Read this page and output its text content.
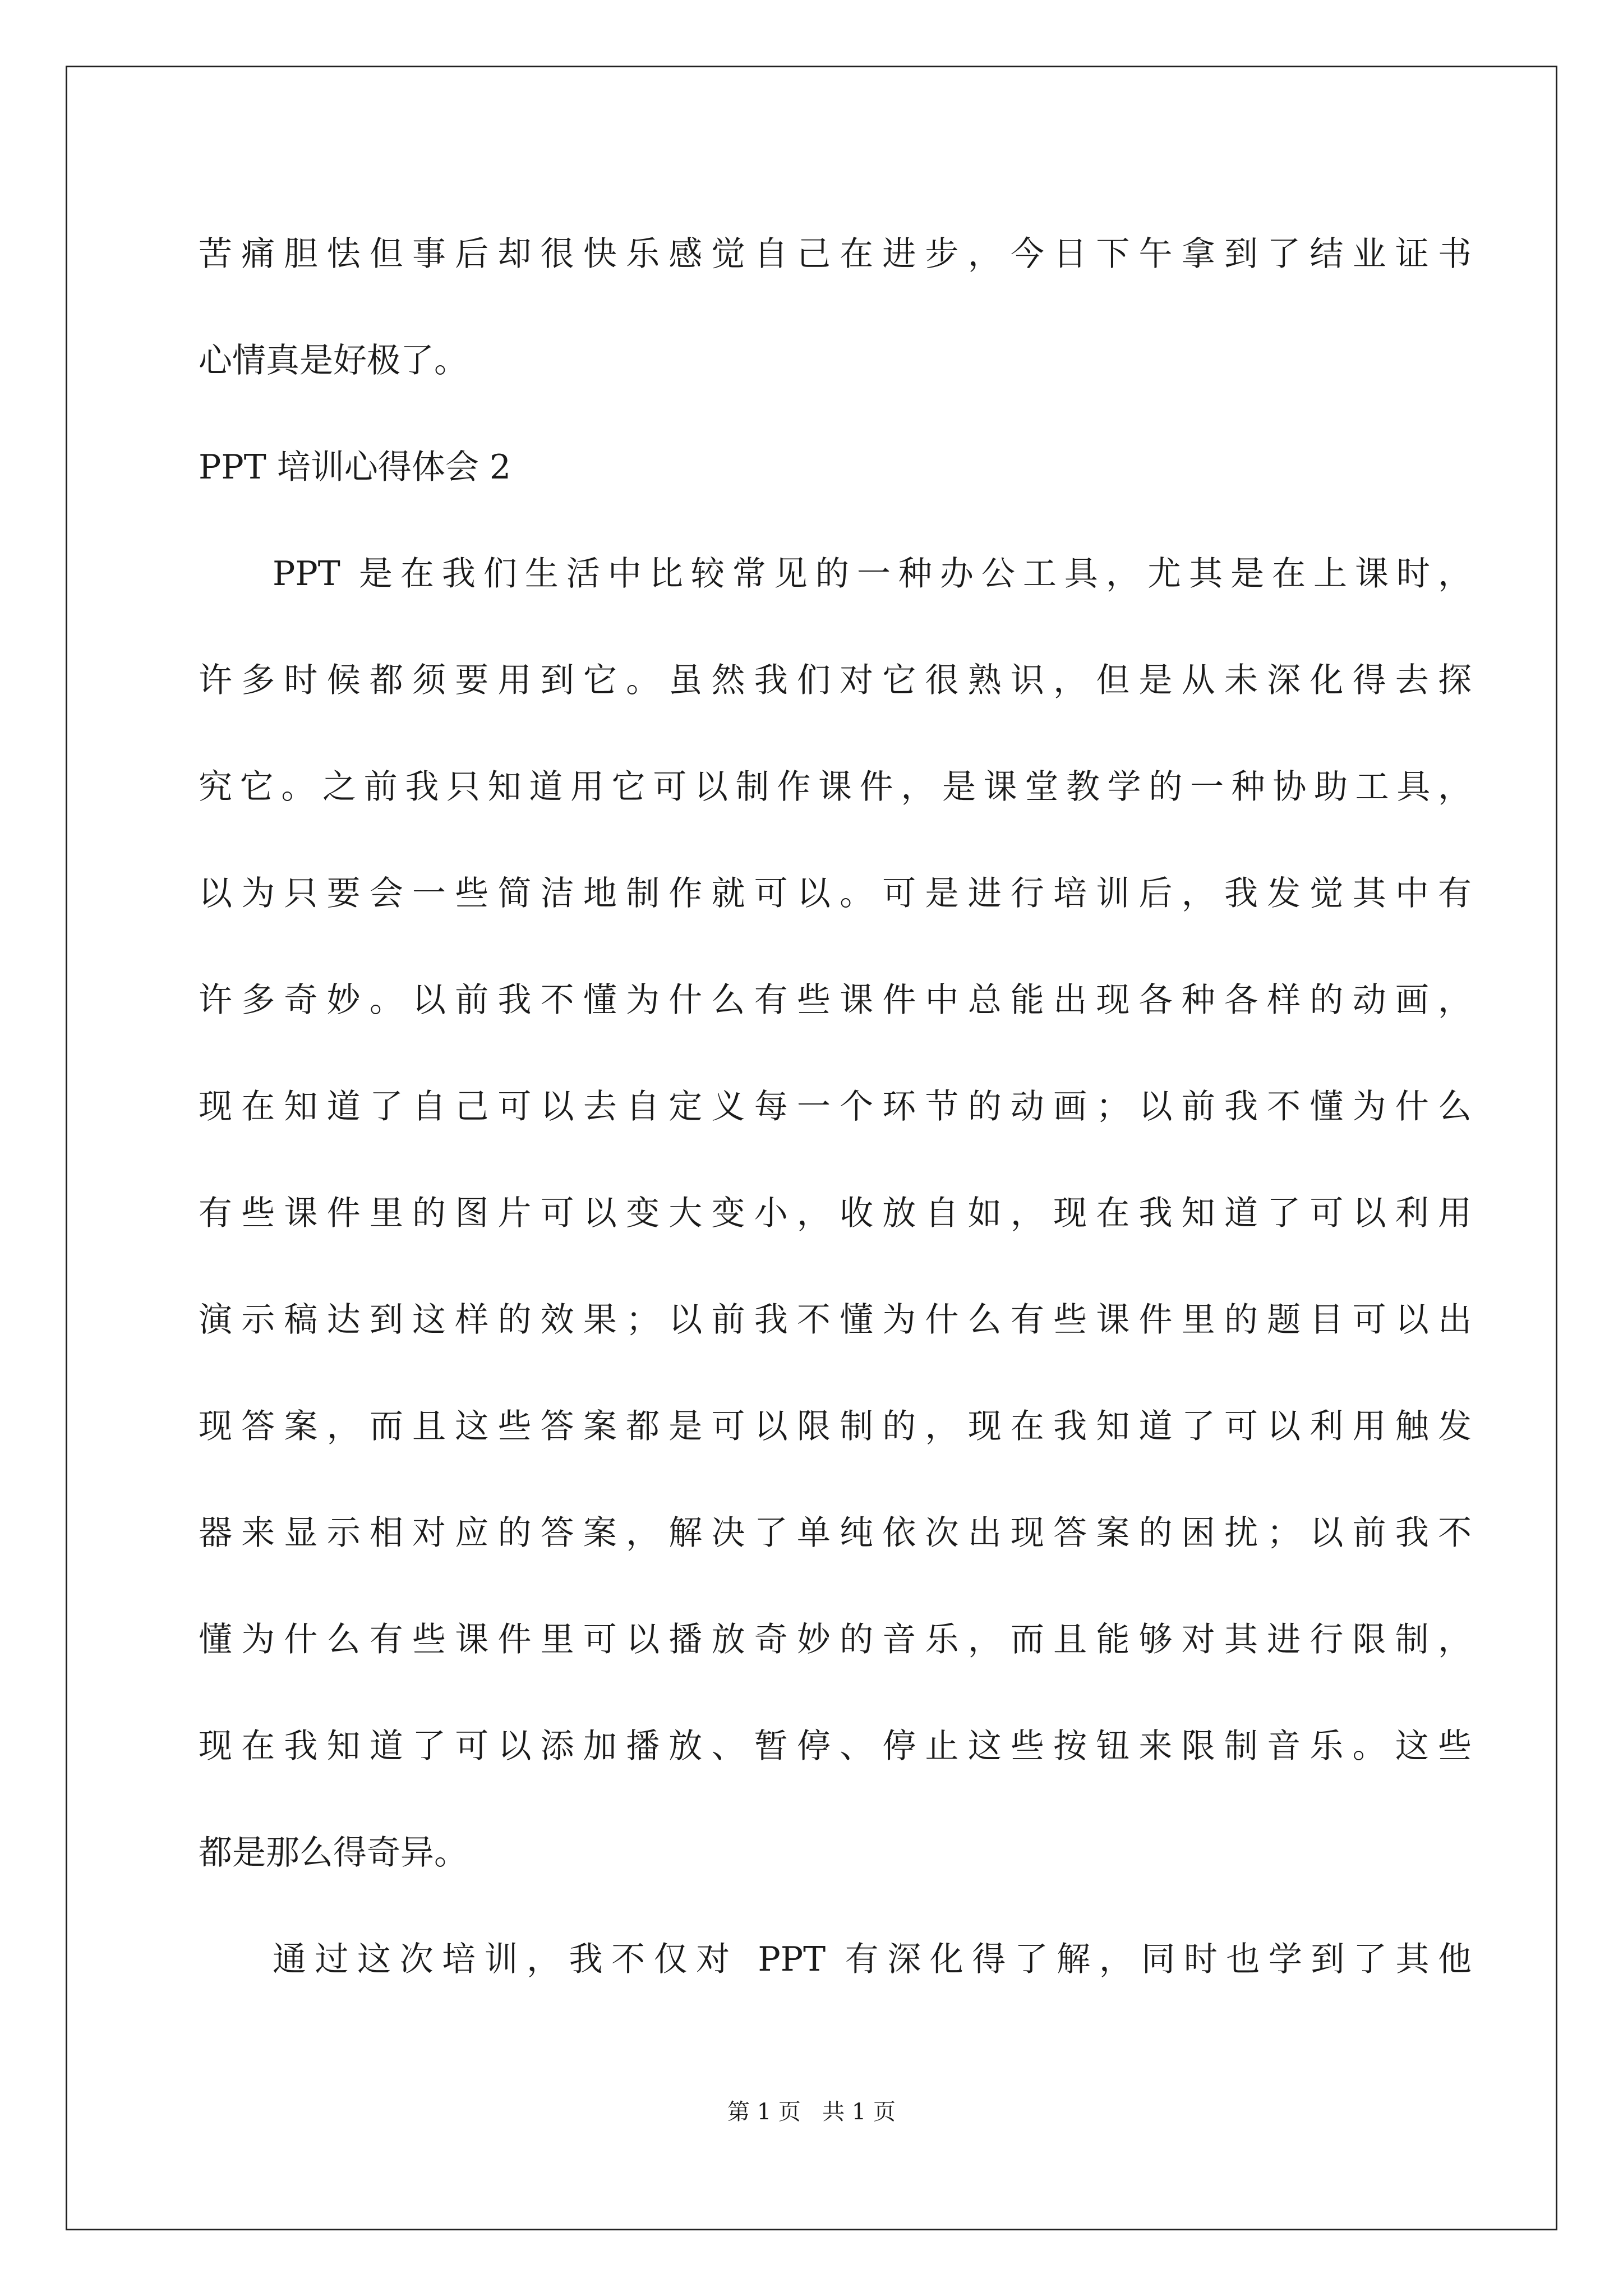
苦痛胆怯但事后却很快乐感觉自己在进步，今日下午拿到了结业证书
心情真是好极了。
PPT 培训心得体会 2
PPT 是在我们生活中比较常见的一种办公工具，尤其是在上课时，
许多时候都须要用到它。虽然我们对它很熟识，但是从未深化得去探
究它。之前我只知道用它可以制作课件，是课堂教学的一种协助工具，
以为只要会一些简洁地制作就可以。可是进行培训后，我发觉其中有
许多奇妙。以前我不懂为什么有些课件中总能出现各种各样的动画，
现在知道了自己可以去自定义每一个环节的动画；以前我不懂为什么
有些课件里的图片可以变大变小，收放自如，现在我知道了可以利用
演示稿达到这样的效果；以前我不懂为什么有些课件里的题目可以出
现答案，而且这些答案都是可以限制的，现在我知道了可以利用触发
器来显示相对应的答案，解决了单纯依次出现答案的困扰；以前我不
懂为什么有些课件里可以播放奇妙的音乐，而且能够对其进行限制，
现在我知道了可以添加播放、暂停、停止这些按钮来限制音乐。这些
都是那么得奇异。
通过这次培训，我不仅对 PPT 有深化得了解，同时也学到了其他
第 1 页   共 1 页
